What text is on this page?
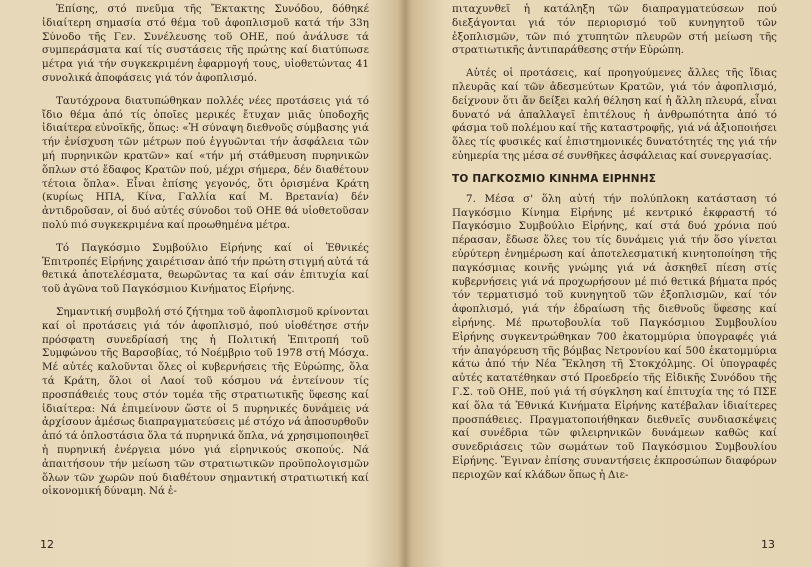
Ἐπίσης, στό πνεῦμα τῆς Ἔκτακτης Συνόδου, δόθηκέ ἰδιαίτερη σημασία στό θέμα τοῦ ἀφοπλισμοῦ κατά τήν 33η Σύνοδο τῆς Γεν. Συνέλευσης τοῦ ΟΗΕ, πού ἀνάλυσε τά συμπεράσματα καί τίς συστάσεις τῆς πρώτης καί διατύπωσε μέτρα γιά τήν συγκεκριμένη ἐφαρμογή τους, υἱοθετώντας 41 συνολικά ἀποφάσεις γιά τόν ἀφοπλισμό.

Ταυτόχρονα διατυπώθηκαν πολλές νέες προτάσεις γιά τό ἴδιο θέμα ἀπό τίς ὁποῖες μερικές ἔτυχαν μιᾶς ὑποδοχῆς ἰδιαίτερα εὐνοϊκῆς, ὅπως: «Ἡ σύναψη διεθνοῦς σύμβασης γιά τήν ἐνίσχυση τῶν μέτρων πού ἐγγυῶνται τήν ἀσφάλεια τῶν μή πυρηνικῶν κρατῶν» καί «τήν μή στάθμευση πυρηνικῶν ὅπλων στό ἔδαφος Κρατῶν πού, μέχρι σήμερα, δέν διαθέτουν τέτοια ὅπλα». Εἶναι ἐπίσης γεγονός, ὅτι ὁρισμένα Κράτη (κυρίως ΗΠΑ, Κίνα, Γαλλία καί Μ. Βρετανία) δέν ἀντιδροῦσαν, οἱ δυό αὐτές σύνοδοι τοῦ ΟΗΕ θά υἱοθετοῦσαν πολύ πιό συγκεκριμένα καί προωθημένα μέτρα.

Τό Παγκόσμιο Συμβούλιο Εἰρήνης καί οἱ Ἐθνικές Ἐπιτροπές Εἰρήνης χαιρέτισαν ἀπό τήν πρώτη στιγμή αὐτά τά θετικά ἀποτελέσματα, θεωρῶντας τα καί σάν ἐπιτυχία καί τοῦ ἀγῶνα τοῦ Παγκόσμιου Κινήματος Εἰρήνης.

Σημαντική συμβολή στό ζήτημα τοῦ ἀφοπλισμοῦ κρίνονται καί οἱ προτάσεις γιά τόν ἀφοπλισμό, πού υἱοθέτησε στήν πρόσφατη συνεδρίασή της ἡ Πολιτική Ἐπιτροπή τοῦ Συμφώνου τῆς Βαρσοβίας, τό Νοέμβριο τοῦ 1978 στή Μόσχα. Μέ αὐτές καλοῦνται ὅλες οἱ κυβερνήσεις τῆς Εὐρώπης, ὅλα τά Κράτη, ὅλοι οἱ Λαοί τοῦ κόσμου νά ἐντείνουν τίς προσπάθειές τους στόν τομέα τῆς στρατιωτικῆς ὕφεσης καί ἰδιαίτερα: Νά ἐπιμείνουν ὥστε οἱ 5 πυρηνικές δυνάμεις νά ἀρχίσουν ἀμέσως διαπραγματεύσεις μέ στόχο νά ἀποσυρθοῦν ἀπό τά ὁπλοστάσια ὅλα τά πυρηνικά ὅπλα, νά χρησιμοποιηθεῖ ἡ πυρηνική ἐνέργεια μόνο γιά εἰρηνικούς σκοπούς. Νά ἀπαιτήσουν τήν μείωση τῶν στρατιωτικῶν προϋπολογισμῶν ὅλων τῶν χωρῶν πού διαθέτουν σημαντική στρατιωτική καί οἰκονομική δύναμη. Νά ἐ-

12

πιταχυνθεῖ ἡ κατάληξη τῶν διαπραγματεύσεων πού διεξάγονται γιά τόν περιορισμό τοῦ κυνηγητοῦ τῶν ἐξοπλισμῶν, τῶν πιό χτυπητῶν πλευρῶν στή μείωση τῆς στρατιωτικῆς ἀντιπαράθεσης στήν Εὐρώπη.

Αὐτές οἱ προτάσεις, καί προηγούμενες ἄλλες τῆς ἴδιας πλευρᾶς καί τῶν ἀδεσμεύτων Κρατῶν, γιά τόν ἀφοπλισμό, δείχνουν ὅτι ἄν δείξει καλή θέληση καί ἡ ἄλλη πλευρά, εἶναι δυνατό νά ἀπαλλαγεῖ ἐπιτέλους ἡ ἀνθρωπότητα ἀπό τό φάσμα τοῦ πολέμου καί τῆς καταστροφῆς, γιά νά ἀξιοποιήσει ὅλες τίς φυσικές καί ἐπιστημονικές δυνατότητές της γιά τήν εὐημερία της μέσα σέ συνθῆκες ἀσφάλειας καί συνεργασίας.

ΤΟ ΠΑΓΚΟΣΜΙΟ ΚΙΝΗΜΑ ΕΙΡΗΝΗΣ

7. Μέσα σ' ὅλη αὐτή τήν πολύπλοκη κατάσταση τό Παγκόσμιο Κίνημα Εἰρήνης μέ κεντρικό ἐκφραστή τό Παγκόσμιο Συμβούλιο Εἰρήνης, καί στά δυό χρόνια πού πέρασαν, ἔδωσε ὅλες του τίς δυνάμεις γιά τήν ὅσο γίνεται εὐρύτερη ἐνημέρωση καί ἀποτελεσματική κινητοποίηση τῆς παγκόσμιας κοινῆς γνώμης γιά νά ἀσκηθεῖ πίεση στίς κυβερνήσεις γιά νά προχωρήσουν μέ πιό θετικά βήματα πρός τόν τερματισμό τοῦ κυνηγητοῦ τῶν ἐξοπλισμῶν, καί τόν ἀφοπλισμό, γιά τήν ἑδραίωση τῆς διεθνοῦς ὕφεσης καί εἰρήνης. Μέ πρωτοβουλία τοῦ Παγκόσμιου Συμβουλίου Εἰρήνης συγκεντρώθηκαν 700 ἑκατομμύρια ὑπογραφές γιά τήν ἀπαγόρευση τῆς βόμβας Νετρονίου καί 500 ἑκατομμύρια κάτω ἀπό τήν Νέα Ἔκληση τῆ Στοκχόλμης. Οἱ ὑπογραφές αὐτές κατατέθηκαν στό Προεδρείο τῆς Εἰδικῆς Συνόδου τῆς Γ.Σ. τοῦ ΟΗΕ, πού γιά τή σύγκληση καί ἐπιτυχία της τό ΠΣΕ καί ὅλα τά Ἐθνικά Κινήματα Εἰρήνης κατέβαλαν ἰδιαίτερες προσπάθειες. Πραγματοποιήθηκαν διεθνεῖς συνδιασκέψεις καί συνέδρια τῶν φιλειρηνικῶν δυνάμεων καθῶς καί συνεδριάσεις τῶν σωμάτων τοῦ Παγκόσμιου Συμβουλίου Εἰρήνης. Ἔγιναν ἐπίσης συναντήσεις ἐκπροσώπων διαφόρων περιοχῶν καί κλάδων ὅπως ἡ Διε-

13
